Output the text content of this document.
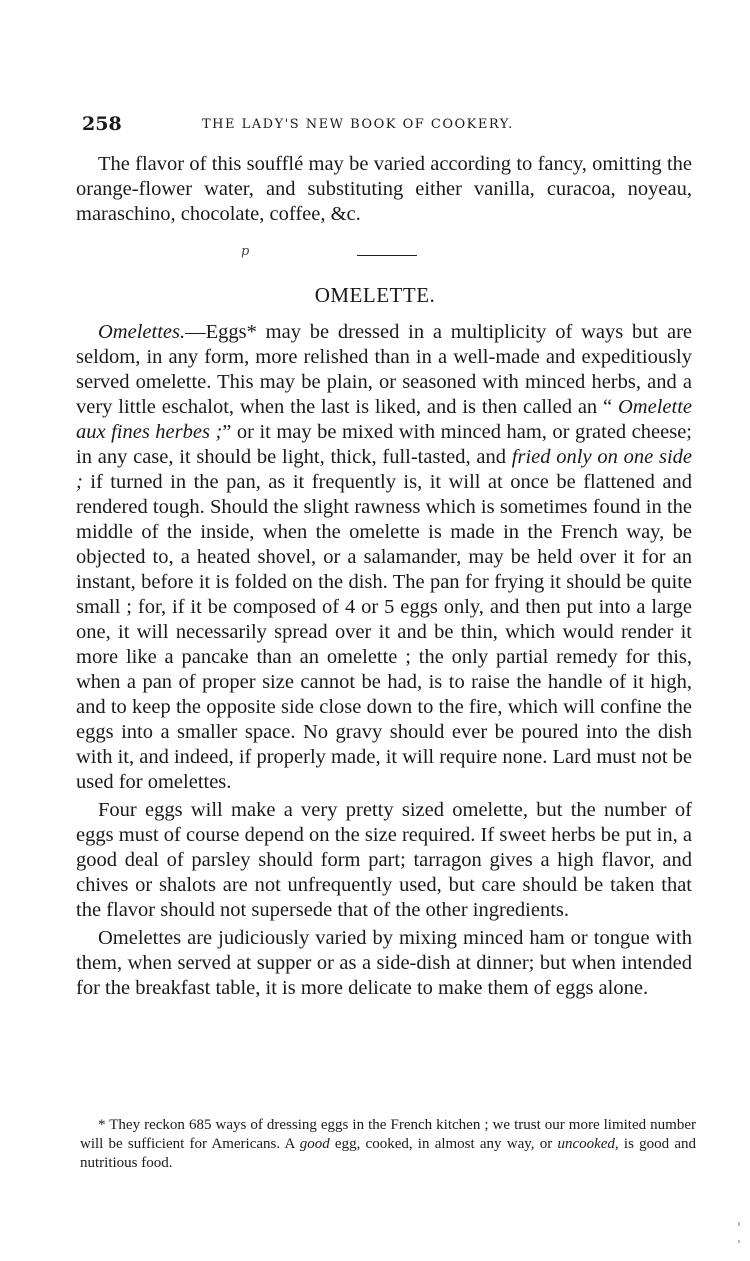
258	THE LADY'S NEW BOOK OF COOKERY.

The flavor of this soufflé may be varied according to fancy, omitting the orange-flower water, and substituting either vanilla, curacoa, noyeau, maraschino, chocolate, coffee, &c.

p
OMELETTE.

Omelettes.—Eggs* may be dressed in a multiplicity of ways but are seldom, in any form, more relished than in a well-made and expeditiously served omelette. This may be plain, or seasoned with minced herbs, and a very little eschalot, when the last is liked, and is then called an “ Omelette aux fines herbes ;” or it may be mixed with minced ham, or grated cheese; in any case, it should be light, thick, full-tasted, and fried only on one side ; if turned in the pan, as it frequently is, it will at once be flattened and rendered tough. Should the slight rawness which is sometimes found in the middle of the inside, when the omelette is made in the French way, be objected to, a heated shovel, or a salamander, may be held over it for an instant, before it is folded on the dish. The pan for frying it should be quite small ; for, if it be composed of 4 or 5 eggs only, and then put into a large one, it will necessarily spread over it and be thin, which would render it more like a pancake than an omelette ; the only partial remedy for this, when a pan of proper size cannot be had, is to raise the handle of it high, and to keep the opposite side close down to the fire, which will confine the eggs into a smaller space. No gravy should ever be poured into the dish with it, and indeed, if properly made, it will require none. Lard must not be used for omelettes.

Four eggs will make a very pretty sized omelette, but the number of eggs must of course depend on the size required. If sweet herbs be put in, a good deal of parsley should form part; tarragon gives a high flavor, and chives or shalots are not unfrequently used, but care should be taken that the flavor should not supersede that of the other ingredients.

Omelettes are judiciously varied by mixing minced ham or tongue with them, when served at supper or as a side-dish at dinner; but when intended for the breakfast table, it is more delicate to make them of eggs alone.

* They reckon 685 ways of dressing eggs in the French kitchen ; we trust our more limited number will be sufficient for Americans. A good egg, cooked, in almost any way, or uncooked, is good and nutritious food.
